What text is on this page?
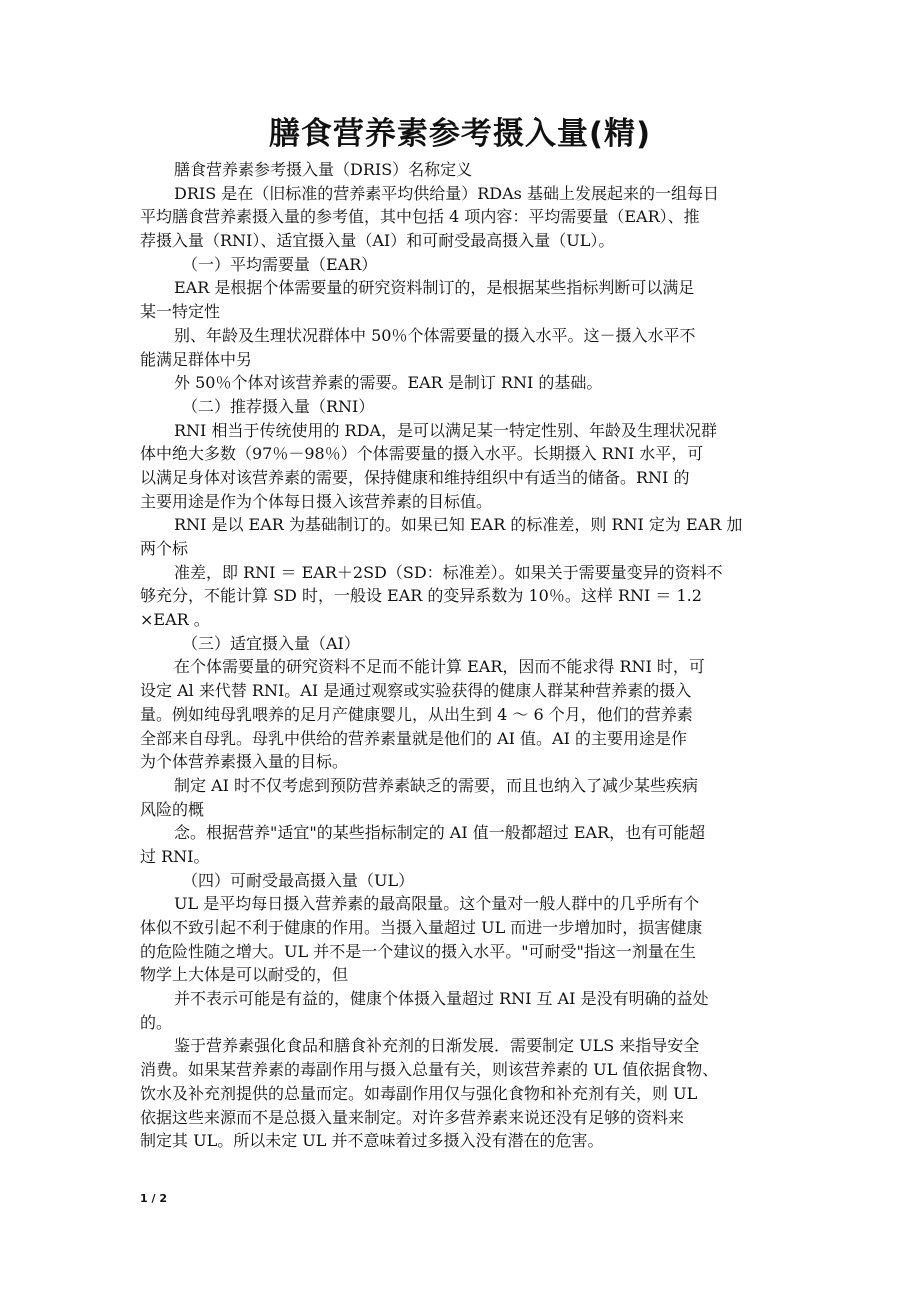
膳食营养素参考摄入量(精)
膳食营养素参考摄入量（DRIS）名称定义
DRIS 是在（旧标准的营养素平均供给量）RDAs 基础上发展起来的一组每日
平均膳食营养素摄入量的参考值，其中包括 4 项内容：平均需要量（EAR）、推
荐摄入量（RNI）、适宜摄入量（AI）和可耐受最高摄入量（UL）。
（一）平均需要量（EAR）
EAR 是根据个体需要量的研究资料制订的，是根据某些指标判断可以满足
某一特定性
别、年龄及生理状况群体中 50％个体需要量的摄入水平。这－摄入水平不
能满足群体中另
外 50％个体对该营养素的需要。EAR 是制订 RNI 的基础。
（二）推荐摄入量（RNI）
RNI 相当于传统使用的 RDA，是可以满足某一特定性别、年龄及生理状况群
体中绝大多数（97％－98％）个体需要量的摄入水平。长期摄入 RNI 水平，可
以满足身体对该营养素的需要，保持健康和维持组织中有适当的储备。RNI 的
主要用途是作为个体每日摄入该营养素的目标值。
RNI 是以 EAR 为基础制订的。如果已知 EAR 的标准差，则 RNI 定为 EAR 加
两个标
准差，即 RNI ＝ EAR＋2SD（SD：标准差）。如果关于需要量变异的资料不
够充分，不能计算 SD 时，一般设 EAR 的变异系数为 10％。这样 RNI ＝ 1.2
×EAR 。
（三）适宜摄入量（AI）
在个体需要量的研究资料不足而不能计算 EAR，因而不能求得 RNI 时，可
设定 Al 来代替 RNI。AI 是通过观察或实验获得的健康人群某种营养素的摄入
量。例如纯母乳喂养的足月产健康婴儿，从出生到 4 ～ 6 个月，他们的营养素
全部来自母乳。母乳中供给的营养素量就是他们的 AI 值。AI 的主要用途是作
为个体营养素摄入量的目标。
制定 AI 时不仅考虑到预防营养素缺乏的需要，而且也纳入了减少某些疾病
风险的概
念。根据营养"适宜"的某些指标制定的 AI 值一般都超过 EAR，也有可能超
过 RNI。
（四）可耐受最高摄入量（UL）
UL 是平均每日摄入营养素的最高限量。这个量对一般人群中的几乎所有个
体似不致引起不利于健康的作用。当摄入量超过 UL 而进一步增加时，损害健康
的危险性随之增大。UL 并不是一个建议的摄入水平。"可耐受"指这一剂量在生
物学上大体是可以耐受的，但
并不表示可能是有益的，健康个体摄入量超过 RNI 互 AI 是没有明确的益处
的。
鉴于营养素强化食品和膳食补充剂的日渐发展．需要制定 ULS 来指导安全
消费。如果某营养素的毒副作用与摄入总量有关，则该营养素的 UL 值依据食物、
饮水及补充剂提供的总量而定。如毒副作用仅与强化食物和补充剂有关，则 UL
依据这些来源而不是总摄入量来制定。对许多营养素来说还没有足够的资料来
制定其 UL。所以未定 UL 并不意味着过多摄入没有潜在的危害。
1 / 2
